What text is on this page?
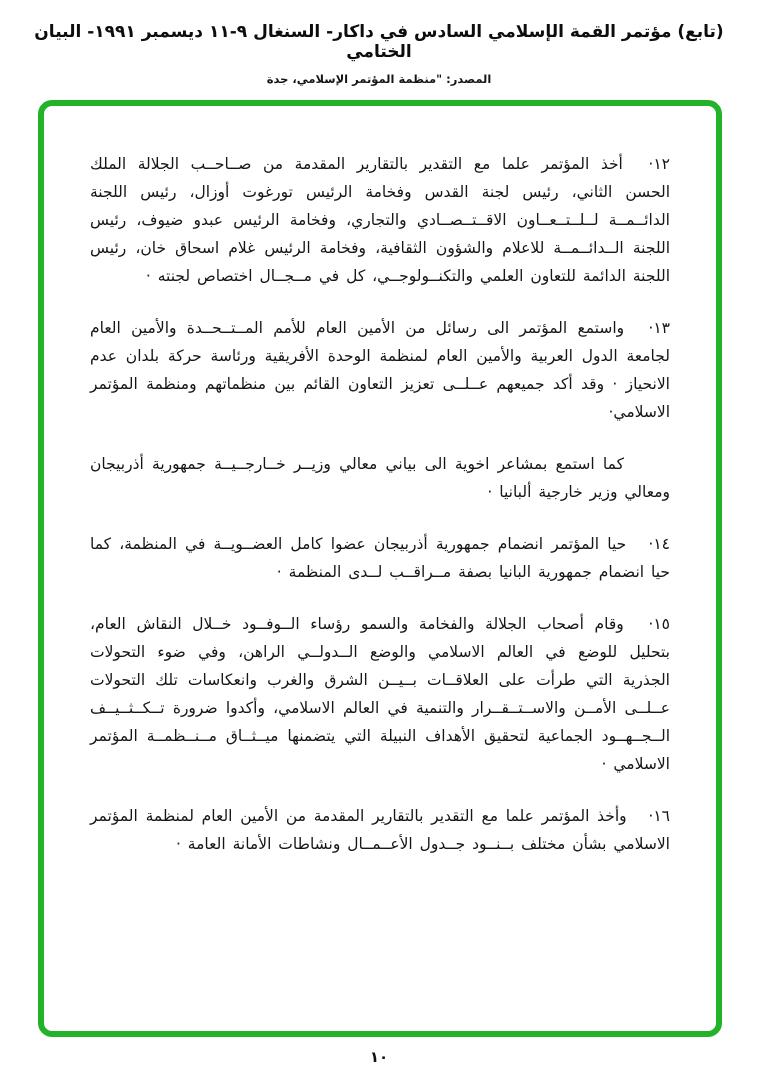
(تابع) مؤتمر القمة الإسلامي السادس في داكار- السنغال ٩-١١ ديسمبر ١٩٩١- البيان الختامي

المصدر: "منظمة المؤتمر الإسلامي، جدة

١٢· أخذ المؤتمر علما مع التقدير بالتقارير المقدمة من صــاحــب الجلالة الملك الحسن الثاني، رئيس لجنة القدس وفخامة الرئيس تورغوت أوزال، رئيس اللجنة الدائــمــة لــلــتــعــاون الاقــتــصــادي والتجاري، وفخامة الرئيس عبدو ضيوف، رئيس اللجنة الــدائــمــة للاعلام والشؤون الثقافية، وفخامة الرئيس غلام اسحاق خان، رئيس اللجنة الدائمة للتعاون العلمي والتكنــولوجــي، كل في مــجــال اختصاص لجنته ·

١٣· واستمع المؤتمر الى رسائل من الأمين العام للأمم المــتــحــدة والأمين العام لجامعة الدول العربية والأمين العام لمنظمة الوحدة الأفريقية ورئاسة حركة بلدان عدم الانحياز · وقد أكد جميعهم عــلــى تعزيز التعاون القائم بين منظماتهم ومنظمة المؤتمر الاسلامي·

كما استمع بمشاعر اخوية الى بياني معالي وزيــر خــارجــيــة جمهورية أذربيجان ومعالي وزير خارجية ألبانيا ·

١٤· حيا المؤتمر انضمام جمهورية أذربيجان عضوا كامل العضــويــة في المنظمة، كما حيا انضمام جمهورية البانيا بصفة مــراقــب لــدى المنظمة ·

١٥· وقام أصحاب الجلالة والفخامة والسمو رؤساء الــوفــود خــلال النقاش العام، بتحليل للوضع في العالم الاسلامي والوضع الــدولــي الراهن، وفي ضوء التحولات الجذرية التي طرأت على العلاقــات بــيــن الشرق والغرب وانعكاسات تلك التحولات عــلــى الأمــن والاســتــقــرار والتنمية في العالم الاسلامي، وأكدوا ضرورة تــكــثــيــف الــجــهــود الجماعية لتحقيق الأهداف النبيلة التي يتضمنها ميــثــاق مــنــظمــة المؤتمر الاسلامي ·

١٦· وأخذ المؤتمر علما مع التقدير بالتقارير المقدمة من الأمين العام لمنظمة المؤتمر الاسلامي بشأن مختلف بــنــود جــدول الأعــمــال ونشاطات الأمانة العامة ·

١٠
